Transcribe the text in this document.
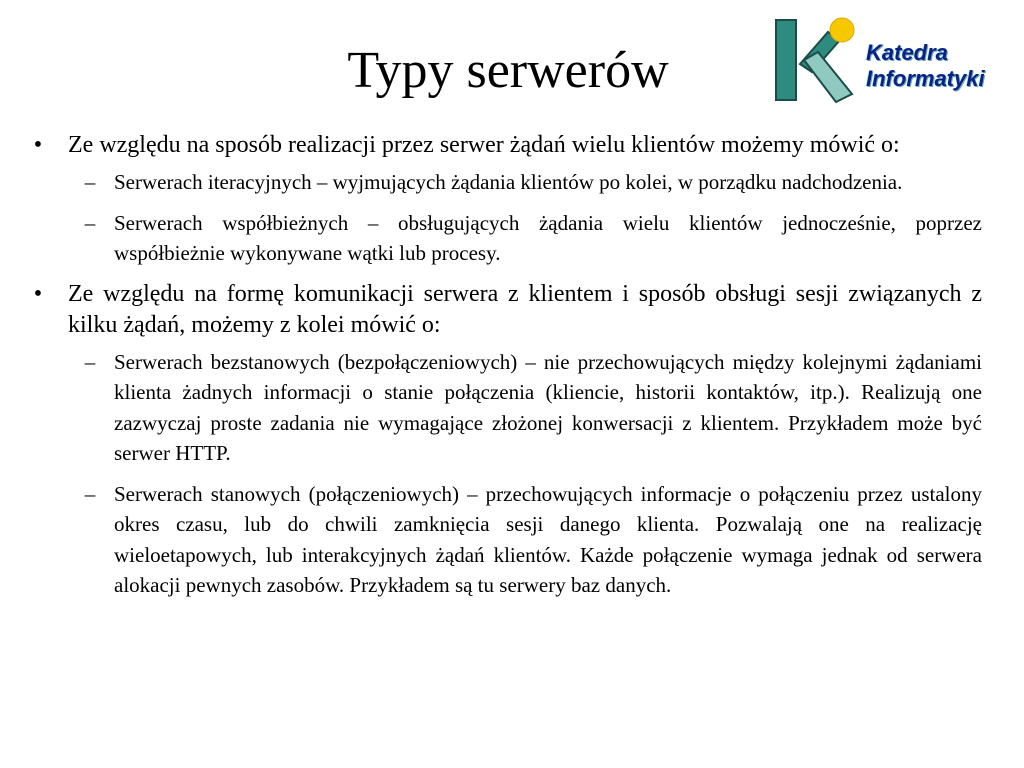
Typy serwerów	Katedra
Informatyki
• Ze względu na sposób realizacji przez serwer żądań wielu klientów możemy mówić o:
– Serwerach iteracyjnych – wyjmujących żądania klientów po kolei, w porządku nadchodzenia.
– Serwerach współbieżnych – obsługujących żądania wielu klientów jednocześnie, poprzez współbieżnie wykonywane wątki lub procesy.
• Ze względu na formę komunikacji serwera z klientem i sposób obsługi sesji związanych z kilku żądań, możemy z kolei mówić o:
– Serwerach bezstanowych (bezpołączeniowych) – nie przechowujących między kolejnymi żądaniami klienta żadnych informacji o stanie połączenia (kliencie, historii kontaktów, itp.). Realizują one zazwyczaj proste zadania nie wymagające złożonej konwersacji z klientem. Przykładem może być serwer HTTP.
– Serwerach stanowych (połączeniowych) – przechowujących informacje o połączeniu przez ustalony okres czasu, lub do chwili zamknięcia sesji danego klienta. Pozwalają one na realizację wieloetapowych, lub interakcyjnych żądań klientów. Każde połączenie wymaga jednak od serwera alokacji pewnych zasobów. Przykładem są tu serwery baz danych.
